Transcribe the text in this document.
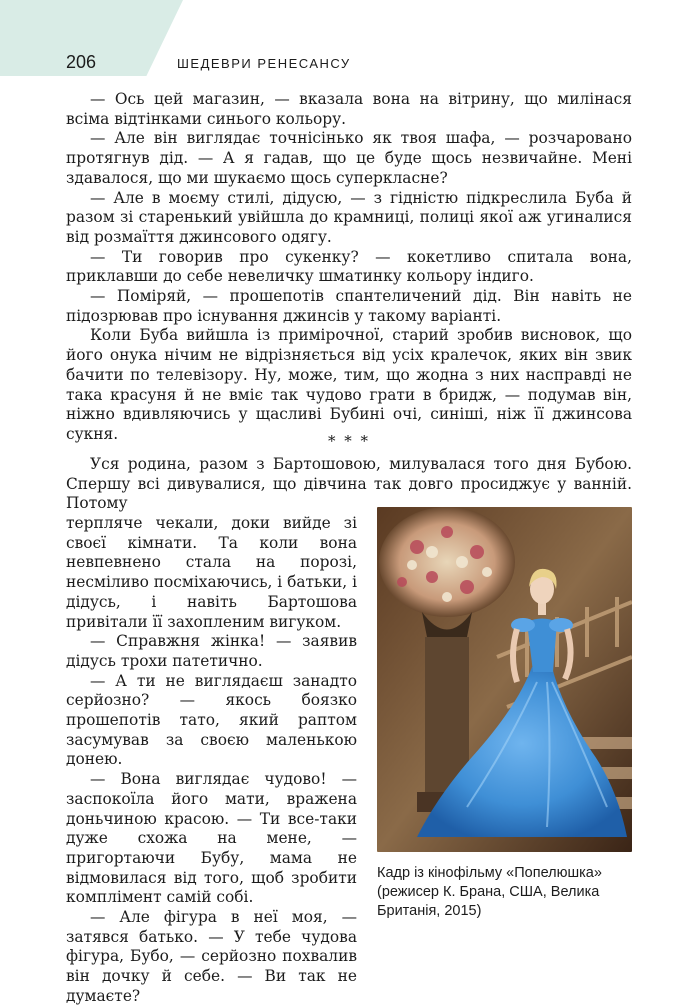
206	ШЕДЕВРИ РЕНЕСАНСУ

— Ось цей магазин, — вказала вона на вітрину, що милінася всіма відтінками синього кольору.

— Але він виглядає точнісінько як твоя шафа, — розчаровано протягнув дід. — А я гадав, що це буде щось незвичайне. Мені здавалося, що ми шукаємо щось суперкласне?

— Але в моєму стилі, дідусю, — з гідністю підкреслила Буба й разом зі старенький увійшла до крамниці, полиці якої аж угиналися від розмаїття джинсового одягу.

— Ти говорив про сукенку? — кокетливо спитала вона, приклавши до себе невеличку шматинку кольору індиго.

— Поміряй, — прошепотів спантеличений дід. Він навіть не підозрював про існування джинсів у такому варіанті.

Коли Буба вийшла із примірочної, старий зробив висновок, що його онука нічим не відрізняється від усіх кралечок, яких він звик бачити по телевізору. Ну, може, тим, що жодна з них насправді не така красуня й не вміє так чудово грати в бридж, — подумав він, ніжно вдивляючись у щасливі Бубині очі, синіші, ніж її джинсова сукня.	* * *

Уся родина, разом з Бартошовою, милувалася того дня Бубою. Спершу всі дивувалися, що дівчина так довго просиджує у ванній. Потому

терпляче чекали, доки вийде зі своєї кімнати. Та коли вона невпевнено стала на порозі, несміливо посміхаючись, і батьки, і дідусь, і навіть Бартошова привітали її захопленим вигуком.

— Справжня жінка! — заявив дідусь трохи патетично.

— А ти не виглядаєш занадто серйозно? — якось боязко прошепотів тато, який раптом засумував за своєю маленькою донею.

— Вона виглядає чудово! — заспокоїла його мати, вражена доньчиною красою. — Ти все-таки дуже схожа на мене, — пригортаючи Бубу, мама не відмовилася від того, щоб зробити комплімент самій собі.

— Але фігура в неї моя, — затявся батько. — У тебе чудова фігура, Бубо, — серйозно похвалив він дочку й себе. — Ви так не думаєте?

Кадр із кінофільму «Попелюшка» (режисер К. Брана, США, Велика Британія, 2015)
